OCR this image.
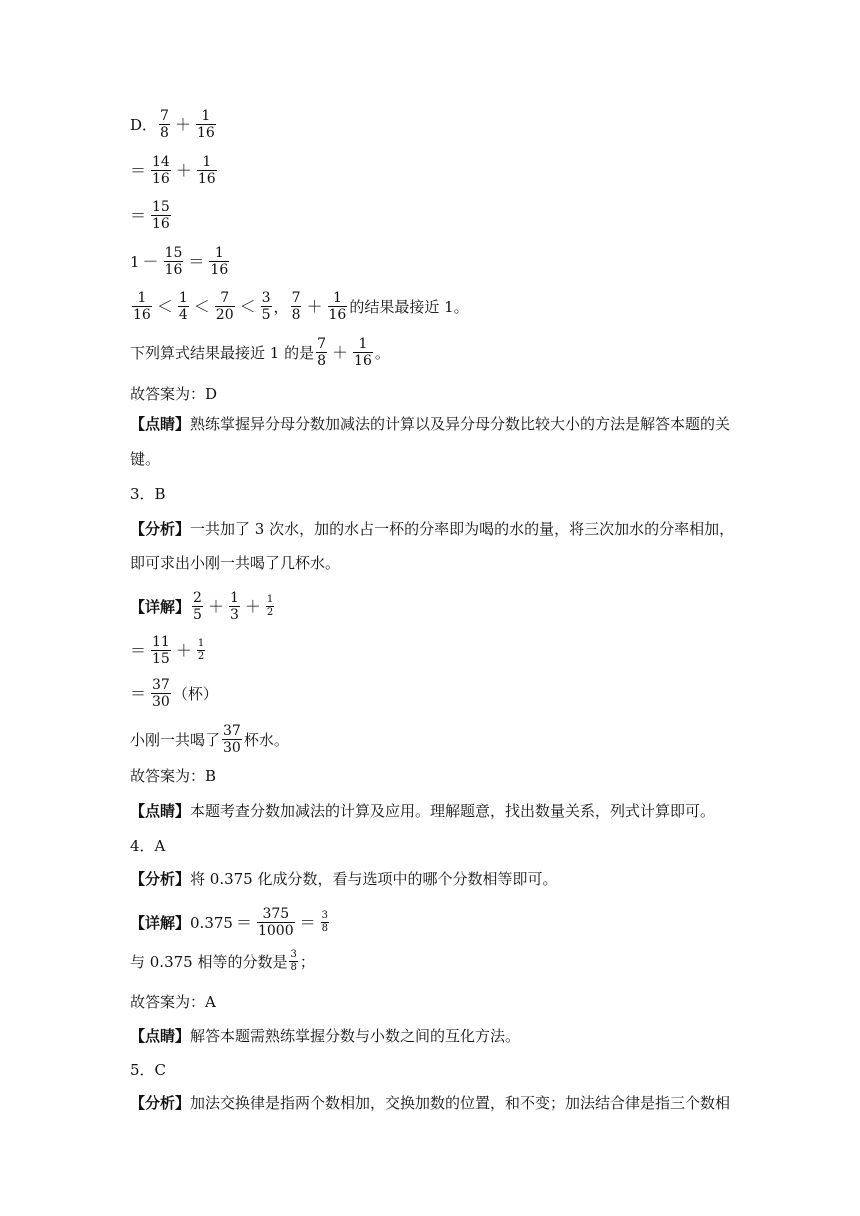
D． $\frac{7}{8} + \frac{1}{16}$
＝ $\frac{14}{16} + \frac{1}{16}$
＝ $\frac{15}{16}$
$1 - \frac{15}{16} = \frac{1}{16}$
$\frac{1}{16} < \frac{1}{4} < \frac{7}{20} < \frac{3}{5}$ ， $\frac{7}{8} + \frac{1}{16}$ 的结果最接近 1。
下列算式结果最接近 1 的是 $\frac{7}{8} + \frac{1}{16}$ 。
故答案为：D
【点睛】 熟练掌握异分母分数加减法的计算以及异分母分数比较大小的方法是解答本题的关
键。
3．B
【分析】 一共加了 3 次水，加的水占一杯的分率即为喝的水的量，将三次加水的分率相加，
即可求出小刚一共喝了几杯水。
【详解】 $\frac{2}{5} + \frac{1}{3} + \frac{1}{2}$
＝ $\frac{11}{15} + \frac{1}{2}$
＝ $\frac{37}{30}$ （杯）
小刚一共喝了 $\frac{37}{30}$ 杯水。
故答案为：B
【点睛】 本题考查分数加减法的计算及应用。理解题意，找出数量关系，列式计算即可。
4．A
【分析】 将 0.375 化成分数，看与选项中的哪个分数相等即可。
【详解】 $0.375 = \frac{375}{1000} = \frac{3}{8}$
与 0.375 相等的分数是 $\frac{3}{8}$ ；
故答案为：A
【点睛】 解答本题需熟练掌握分数与小数之间的互化方法。
5．C
【分析】 加法交换律是指两个数相加，交换加数的位置，和不变；加法结合律是指三个数相
